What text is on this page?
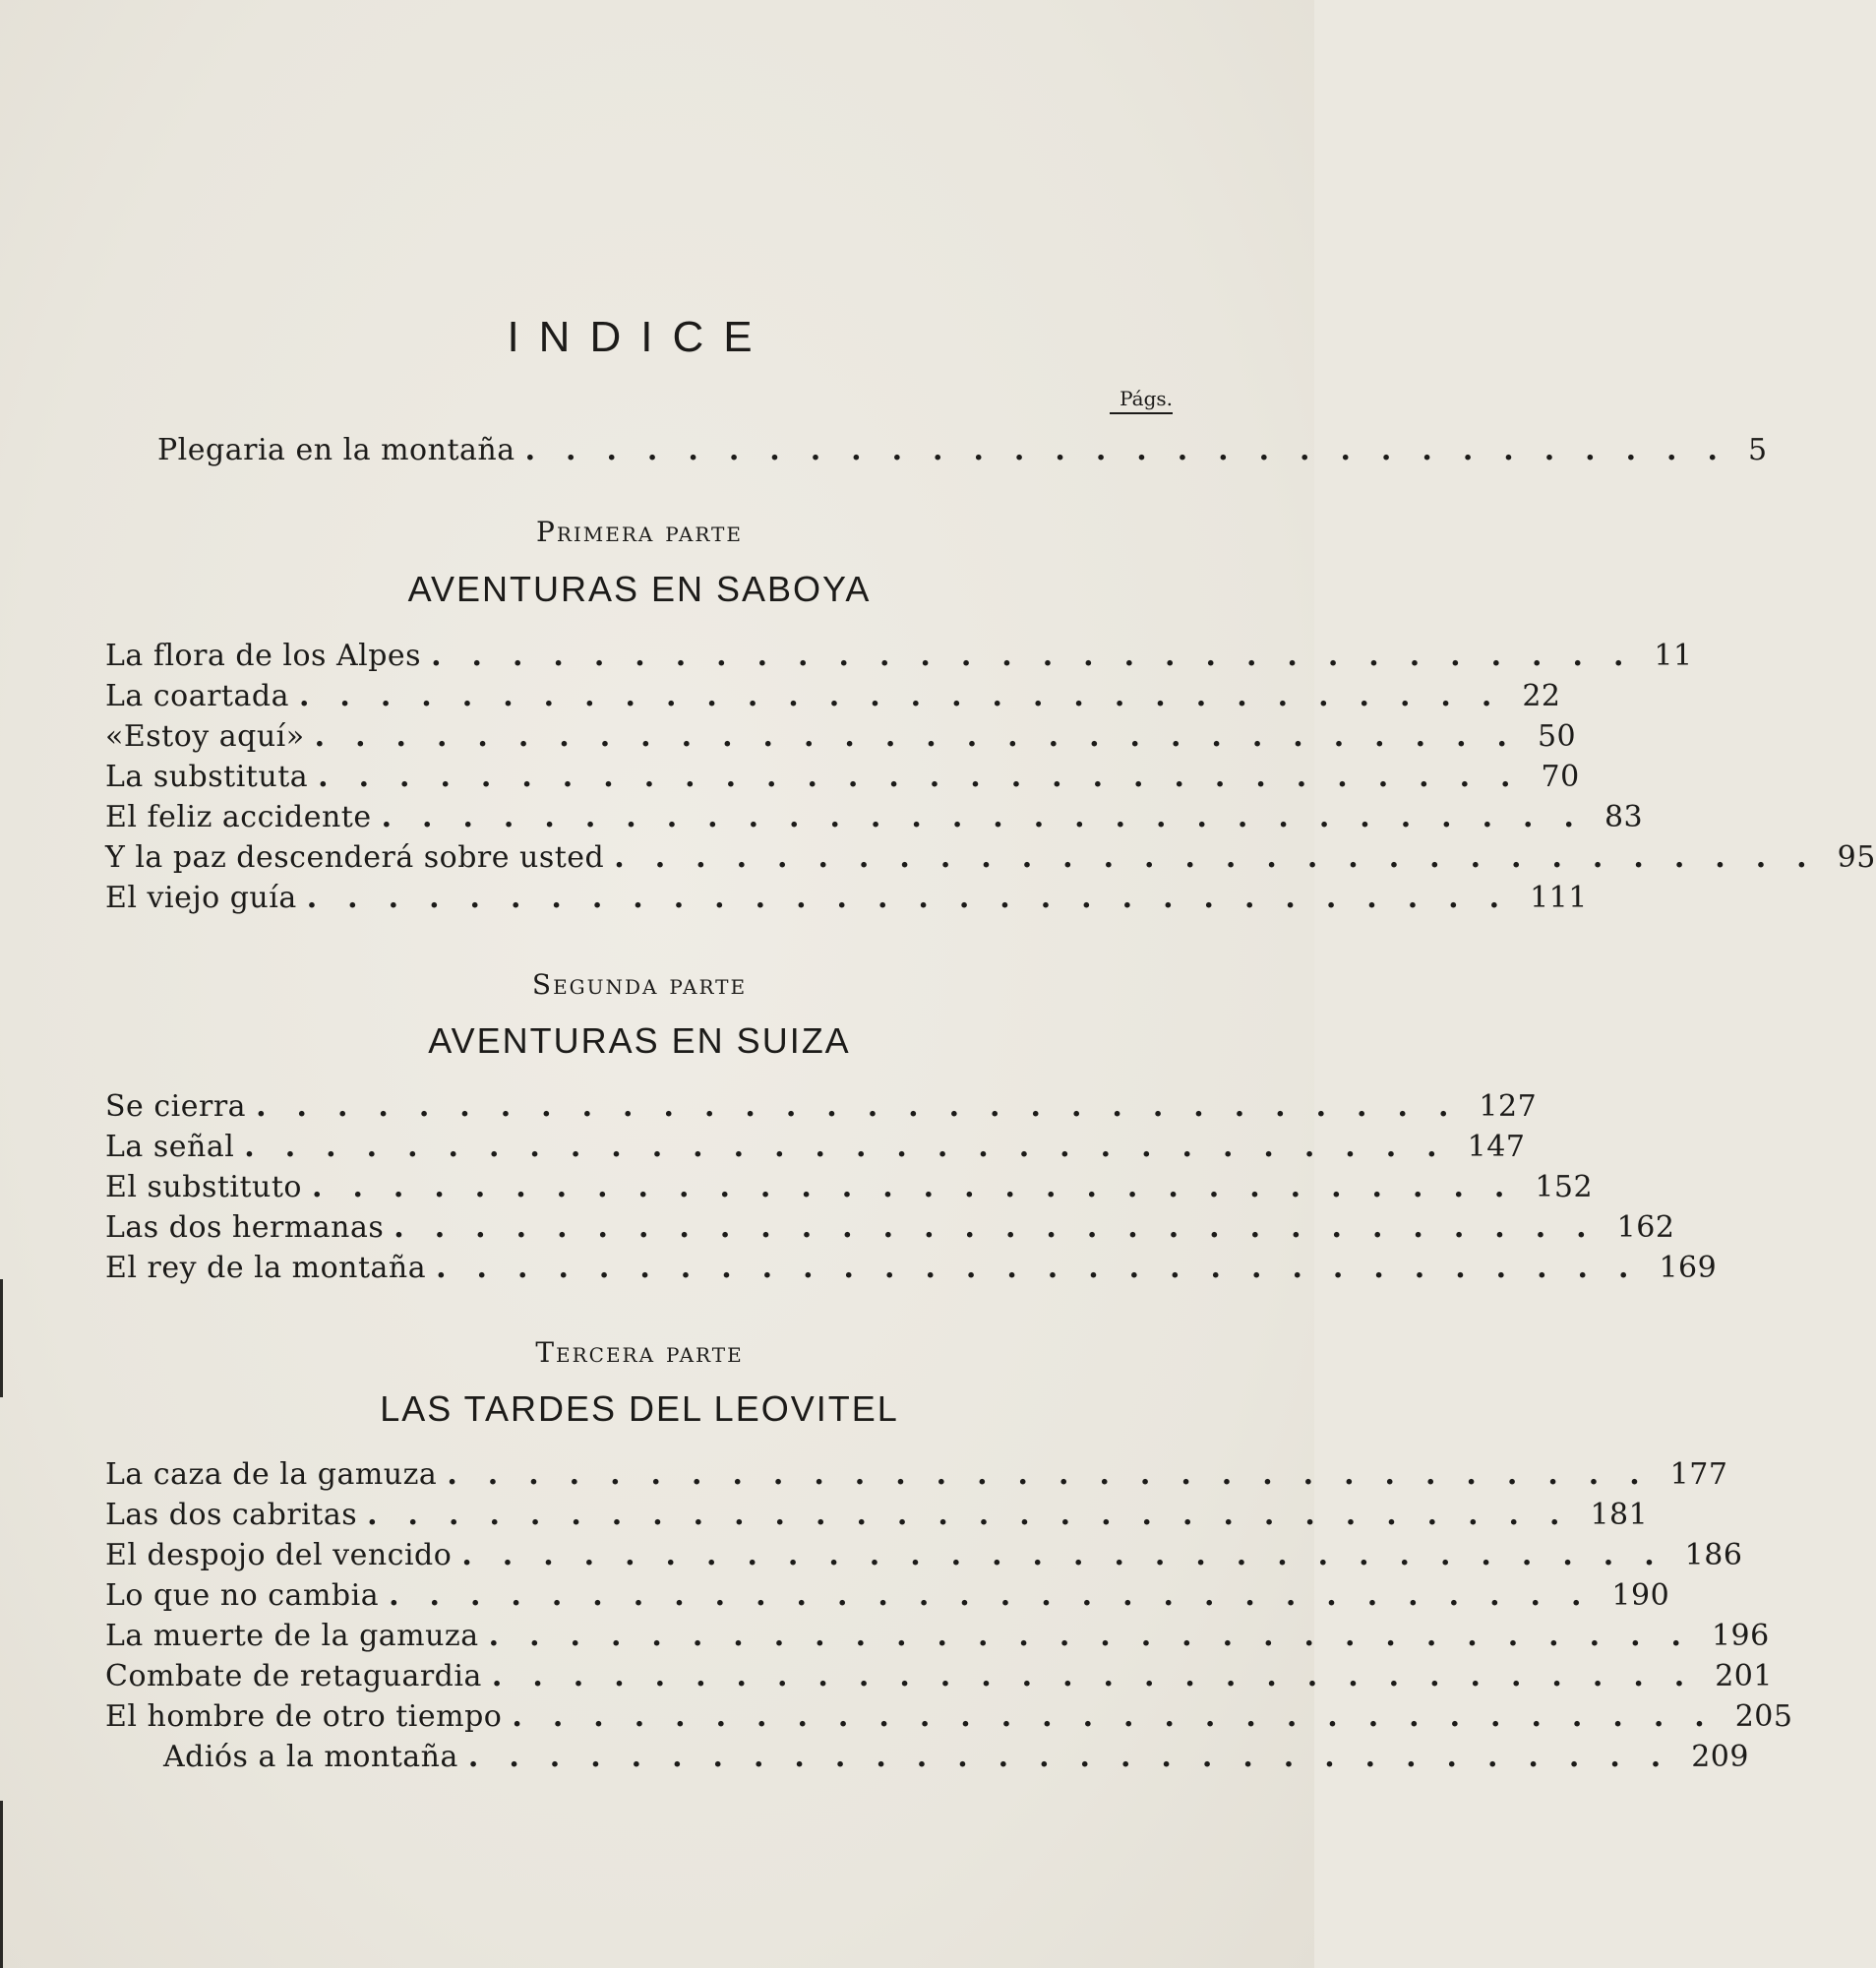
INDICE
Págs.
Plegaria en la montaña .............................. 5
Primera parte
AVENTURAS EN SABOYA
La flora de los Alpes .............................. 11
La coartada .............................. 22
«Estoy aquí» .............................. 50
La substituta .............................. 70
El feliz accidente .............................. 83
Y la paz descenderá sobre usted .............................. 95
El viejo guía .............................. 111
Segunda parte
AVENTURAS EN SUIZA
Se cierra .............................. 127
La señal .............................. 147
El substituto .............................. 152
Las dos hermanas .............................. 162
El rey de la montaña .............................. 169
Tercera parte
LAS TARDES DEL LEOVITEL
La caza de la gamuza .............................. 177
Las dos cabritas .............................. 181
El despojo del vencido .............................. 186
Lo que no cambia .............................. 190
La muerte de la gamuza .............................. 196
Combate de retaguardia .............................. 201
El hombre de otro tiempo .............................. 205
Adiós a la montaña .............................. 209
